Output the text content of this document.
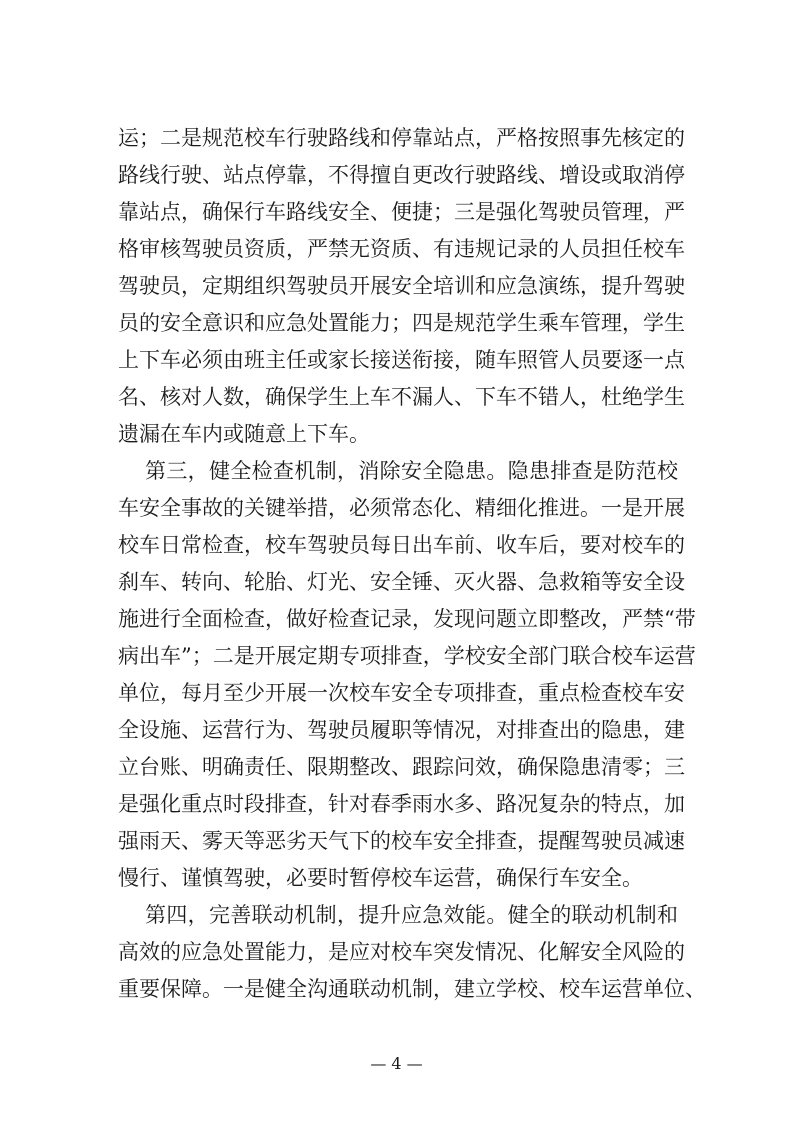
运；二是规范校车行驶路线和停靠站点，严格按照事先核定的
路线行驶、站点停靠，不得擅自更改行驶路线、增设或取消停
靠站点，确保行车路线安全、便捷；三是强化驾驶员管理，严
格审核驾驶员资质，严禁无资质、有违规记录的人员担任校车
驾驶员，定期组织驾驶员开展安全培训和应急演练，提升驾驶
员的安全意识和应急处置能力；四是规范学生乘车管理，学生
上下车必须由班主任或家长接送衔接，随车照管人员要逐一点
名、核对人数，确保学生上车不漏人、下车不错人，杜绝学生
遗漏在车内或随意上下车。
第三，健全检查机制，消除安全隐患。隐患排查是防范校
车安全事故的关键举措，必须常态化、精细化推进。一是开展
校车日常检查，校车驾驶员每日出车前、收车后，要对校车的
刹车、转向、轮胎、灯光、安全锤、灭火器、急救箱等安全设
施进行全面检查，做好检查记录，发现问题立即整改，严禁“带
病出车”；二是开展定期专项排查，学校安全部门联合校车运营
单位，每月至少开展一次校车安全专项排查，重点检查校车安
全设施、运营行为、驾驶员履职等情况，对排查出的隐患，建
立台账、明确责任、限期整改、跟踪问效，确保隐患清零；三
是强化重点时段排查，针对春季雨水多、路况复杂的特点，加
强雨天、雾天等恶劣天气下的校车安全排查，提醒驾驶员减速
慢行、谨慎驾驶，必要时暂停校车运营，确保行车安全。
第四，完善联动机制，提升应急效能。健全的联动机制和
高效的应急处置能力，是应对校车突发情况、化解安全风险的
重要保障。一是健全沟通联动机制，建立学校、校车运营单位、
— 4 —
